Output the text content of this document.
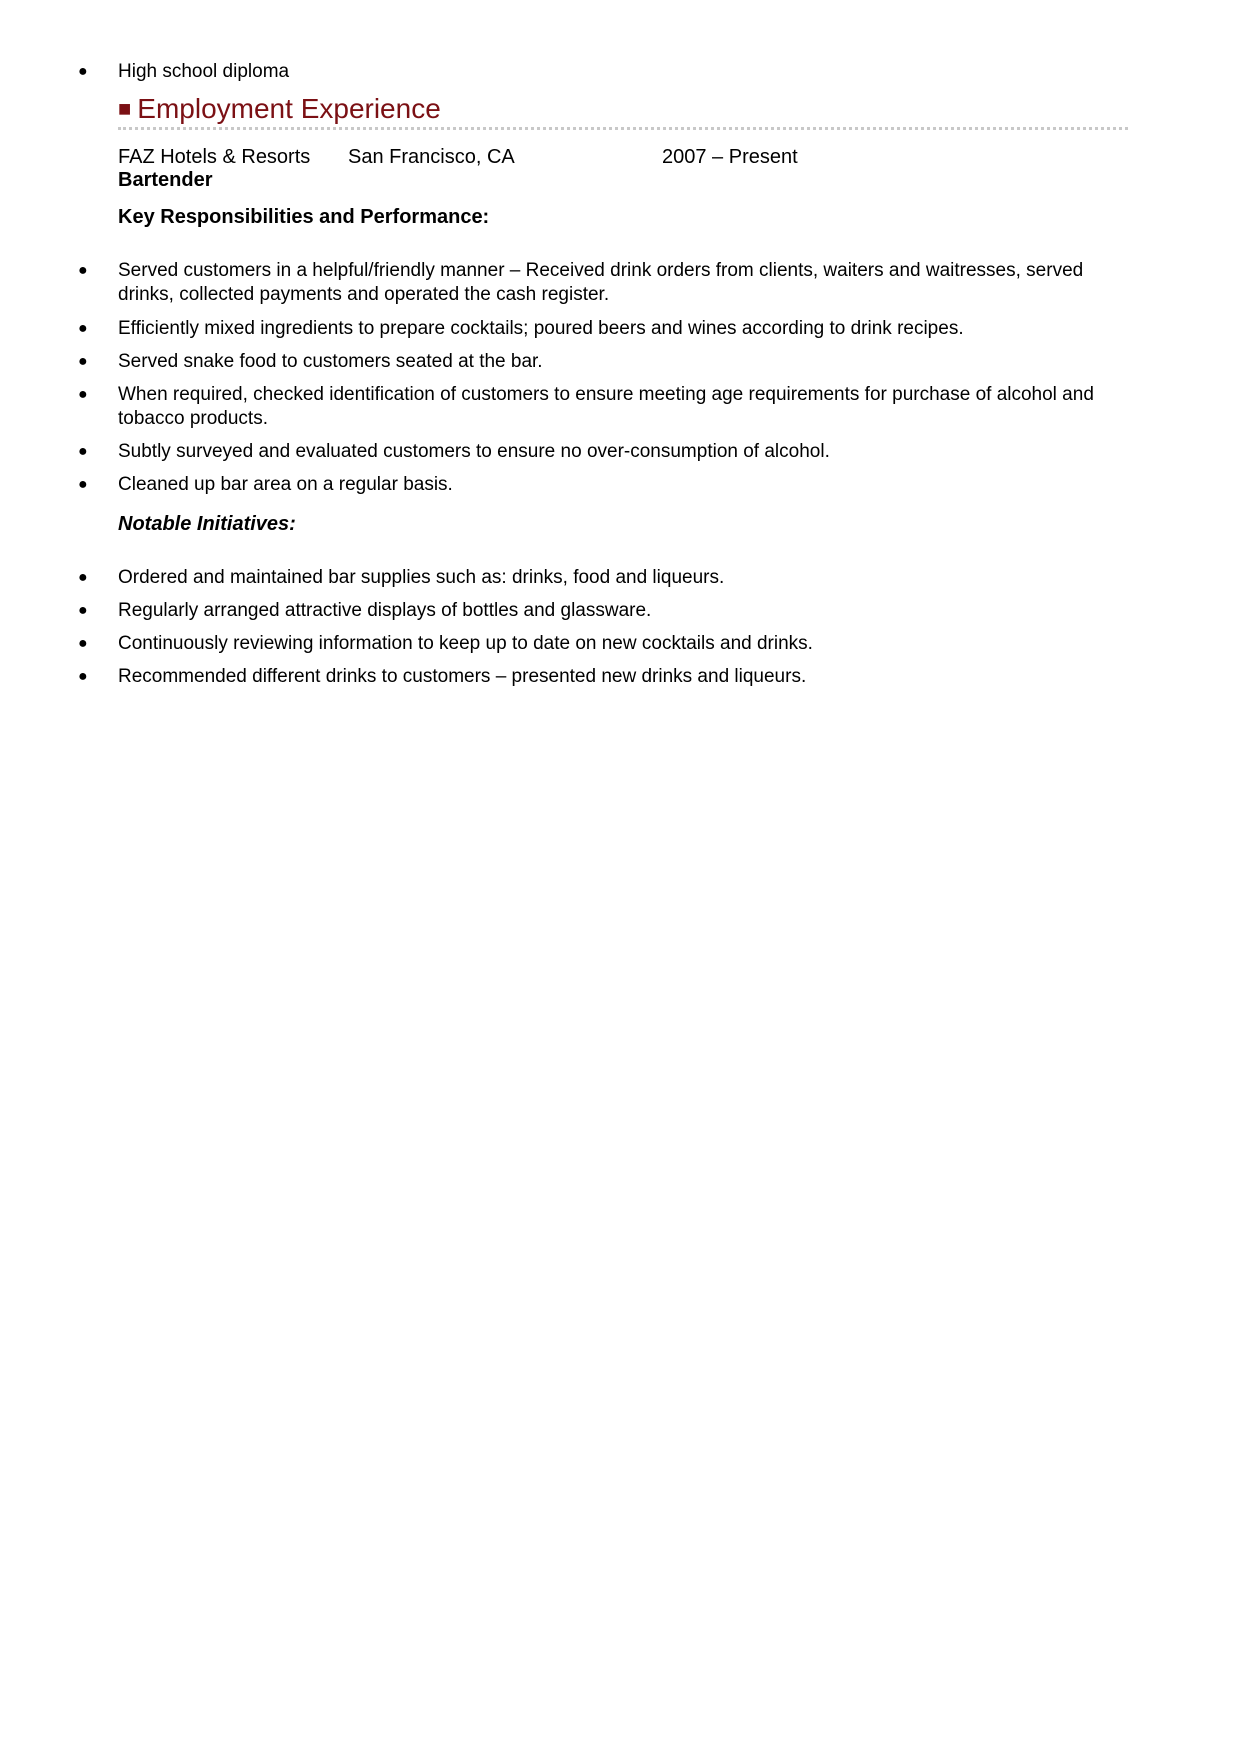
●	High school diploma
■ Employment Experience
FAZ Hotels & Resorts San Francisco, CA	2007 – Present
Bartender
Key Responsibilities and Performance:
●	Served customers in a helpful/friendly manner – Received drink orders from clients, waiters and waitresses, served drinks, collected payments and operated the cash register.
●	Efficiently mixed ingredients to prepare cocktails; poured beers and wines according to drink recipes.
●	Served snake food to customers seated at the bar.
●	When required, checked identification of customers to ensure meeting age requirements for purchase of alcohol and tobacco products.
●	Subtly surveyed and evaluated customers to ensure no over-consumption of alcohol.
●	Cleaned up bar area on a regular basis.
Notable Initiatives:
●	Ordered and maintained bar supplies such as: drinks, food and liqueurs.
●	Regularly arranged attractive displays of bottles and glassware.
●	Continuously reviewing information to keep up to date on new cocktails and drinks.
●	Recommended different drinks to customers – presented new drinks and liqueurs.
